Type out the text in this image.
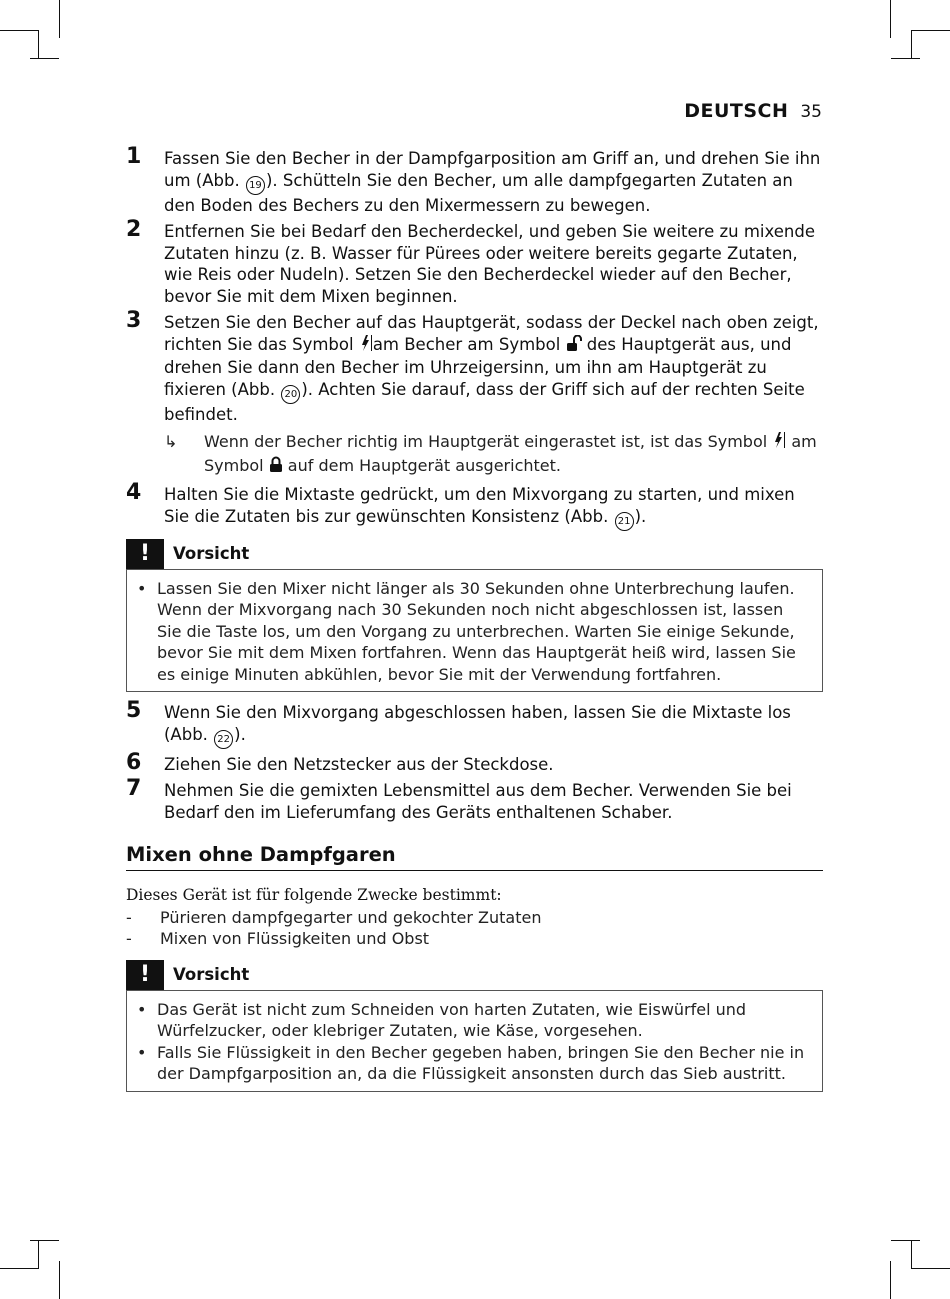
DEUTSCH 35
1	Fassen Sie den Becher in der Dampfgarposition am Griff an, und drehen Sie ihn um (Abb. 19 ). Schütteln Sie den Becher, um alle dampfgegarten Zutaten an den Boden des Bechers zu den Mixermessern zu bewegen.
2	Entfernen Sie bei Bedarf den Becherdeckel, und geben Sie weitere zu mixende Zutaten hinzu (z. B. Wasser für Pürees oder weitere bereits gegarte Zutaten, wie Reis oder Nudeln). Setzen Sie den Becherdeckel wieder auf den Becher, bevor Sie mit dem Mixen beginnen.
3	Setzen Sie den Becher auf das Hauptgerät, sodass der Deckel nach oben zeigt, richten Sie das Symbol am Becher am Symbol  des Hauptgerät aus, und drehen Sie dann den Becher im Uhrzeigersinn, um ihn am Hauptgerät zu fixieren (Abb. 20 ). Achten Sie darauf, dass der Griff sich auf der rechten Seite befindet.
↳	Wenn der Becher richtig im Hauptgerät eingerastet ist, ist das Symbol  am Symbol  auf dem Hauptgerät ausgerichtet.
4	Halten Sie die Mixtaste gedrückt, um den Mixvorgang zu starten, und mixen Sie die Zutaten bis zur gewünschten Konsistenz (Abb. 21 ).
!	Vorsicht
• Lassen Sie den Mixer nicht länger als 30 Sekunden ohne Unterbrechung laufen. Wenn der Mixvorgang nach 30 Sekunden noch nicht abgeschlossen ist, lassen Sie die Taste los, um den Vorgang zu unterbrechen. Warten Sie einige Sekunde, bevor Sie mit dem Mixen fortfahren. Wenn das Hauptgerät heiß wird, lassen Sie es einige Minuten abkühlen, bevor Sie mit der Verwendung fortfahren.
5	Wenn Sie den Mixvorgang abgeschlossen haben, lassen Sie die Mixtaste los (Abb. 22 ).
6	Ziehen Sie den Netzstecker aus der Steckdose.
7	Nehmen Sie die gemixten Lebensmittel aus dem Becher. Verwenden Sie bei Bedarf den im Lieferumfang des Geräts enthaltenen Schaber.
Mixen ohne Dampfgaren
Dieses Gerät ist für folgende Zwecke bestimmt:
-	Pürieren dampfgegarter und gekochter Zutaten
-	Mixen von Flüssigkeiten und Obst
!	Vorsicht
• Das Gerät ist nicht zum Schneiden von harten Zutaten, wie Eiswürfel und Würfelzucker, oder klebriger Zutaten, wie Käse, vorgesehen.
• Falls Sie Flüssigkeit in den Becher gegeben haben, bringen Sie den Becher nie in der Dampfgarposition an, da die Flüssigkeit ansonsten durch das Sieb austritt.
